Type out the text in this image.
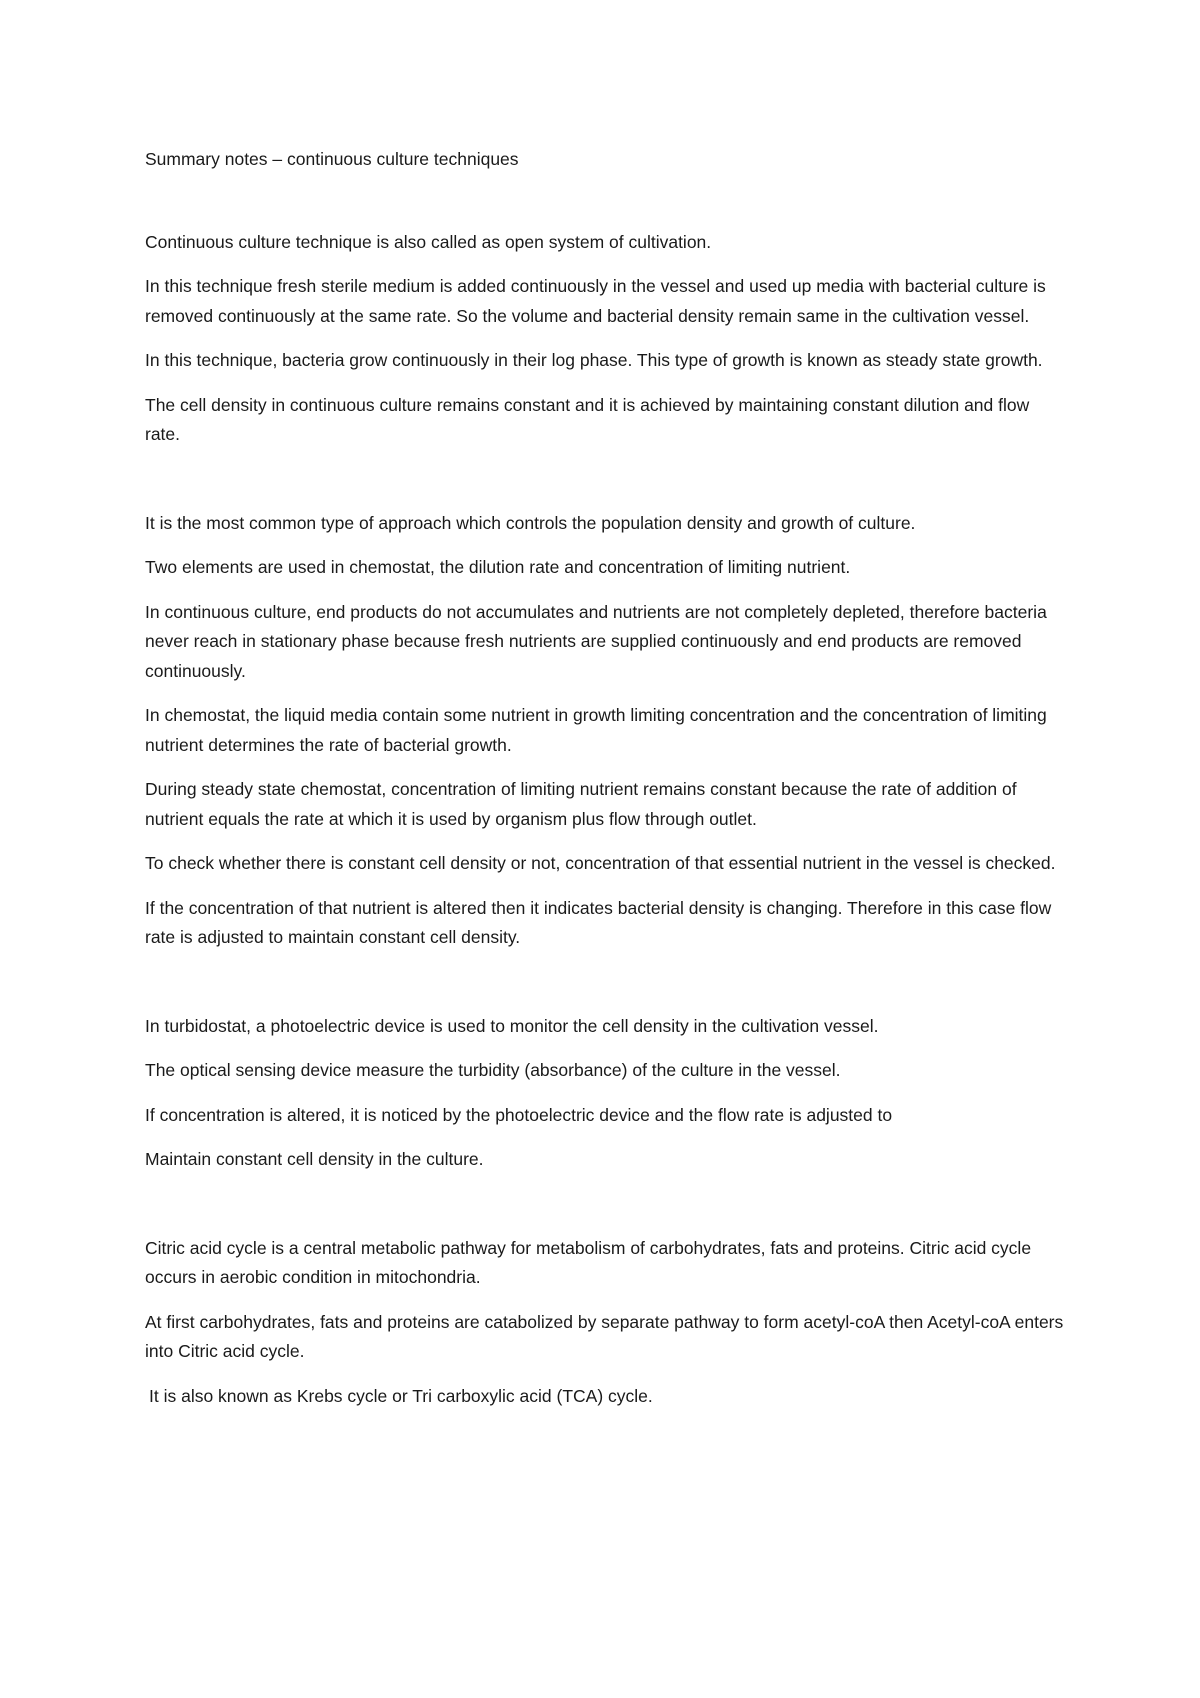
Summary notes – continuous culture techniques

Continuous culture technique is also called as open system of cultivation.

In this technique fresh sterile medium is added continuously in the vessel and used up media with bacterial culture is removed continuously at the same rate. So the volume and bacterial density remain same in the cultivation vessel.

In this technique, bacteria grow continuously in their log phase. This type of growth is known as steady state growth.

The cell density in continuous culture remains constant and it is achieved by maintaining constant dilution and flow rate.

It is the most common type of approach which controls the population density and growth of culture.

Two elements are used in chemostat, the dilution rate and concentration of limiting nutrient.

In continuous culture, end products do not accumulates and nutrients are not completely depleted, therefore bacteria never reach in stationary phase because fresh nutrients are supplied continuously and end products are removed continuously.

In chemostat, the liquid media contain some nutrient in growth limiting concentration and the concentration of limiting nutrient determines the rate of bacterial growth.

During steady state chemostat, concentration of limiting nutrient remains constant because the rate of addition of nutrient equals the rate at which it is used by organism plus flow through outlet.

To check whether there is constant cell density or not, concentration of that essential nutrient in the vessel is checked.

If the concentration of that nutrient is altered then it indicates bacterial density is changing. Therefore in this case flow rate is adjusted to maintain constant cell density.

In turbidostat, a photoelectric device is used to monitor the cell density in the cultivation vessel.

The optical sensing device measure the turbidity (absorbance) of the culture in the vessel.

If concentration is altered, it is noticed by the photoelectric device and the flow rate is adjusted to

Maintain constant cell density in the culture.

Citric acid cycle is a central metabolic pathway for metabolism of carbohydrates, fats and proteins. Citric acid cycle occurs in aerobic condition in mitochondria.

At first carbohydrates, fats and proteins are catabolized by separate pathway to form acetyl-coA then Acetyl-coA enters into Citric acid cycle.

It is also known as Krebs cycle or Tri carboxylic acid (TCA) cycle.
